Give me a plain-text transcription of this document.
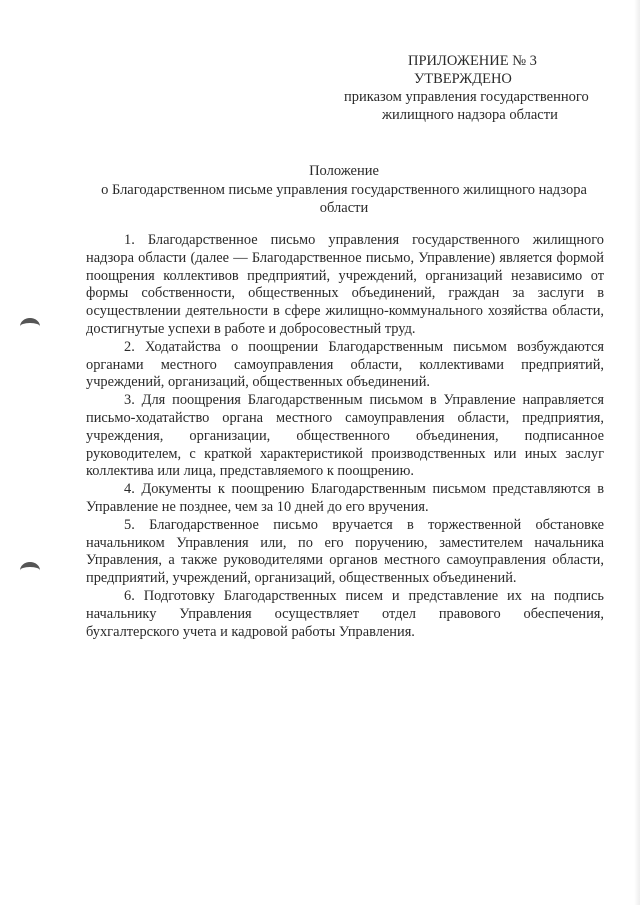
ПРИЛОЖЕНИЕ № 3

УТВЕРЖДЕНО

приказом управления государственного

жилищного надзора области

Положение

о Благодарственном письме управления государственного жилищного надзора

области

1. Благодарственное письмо управления государственного жилищного надзора области (далее — Благодарственное письмо, Управление) является формой поощрения коллективов предприятий, учреждений, организаций независимо от формы собственности, общественных объединений, граждан за заслуги в осуществлении деятельности в сфере жилищно-коммунального хозяйства области, достигнутые успехи в работе и добросовестный труд.

2. Ходатайства о поощрении Благодарственным письмом возбуждаются органами местного самоуправления области, коллективами предприятий, учреждений, организаций, общественных объединений.

3. Для поощрения Благодарственным письмом в Управление направляется письмо-ходатайство органа местного самоуправления области, предприятия, учреждения, организации, общественного объединения, подписанное руководителем, с краткой характеристикой производственных или иных заслуг коллектива или лица, представляемого к поощрению.

4. Документы к поощрению Благодарственным письмом представляются в Управление не позднее, чем за 10 дней до его вручения.

5. Благодарственное письмо вручается в торжественной обстановке начальником Управления или, по его поручению, заместителем начальника Управления, а также руководителями органов местного самоуправления области, предприятий, учреждений, организаций, общественных объединений.

6. Подготовку Благодарственных писем и представление их на подпись начальнику Управления осуществляет отдел правового обеспечения, бухгалтерского учета и кадровой работы Управления.
